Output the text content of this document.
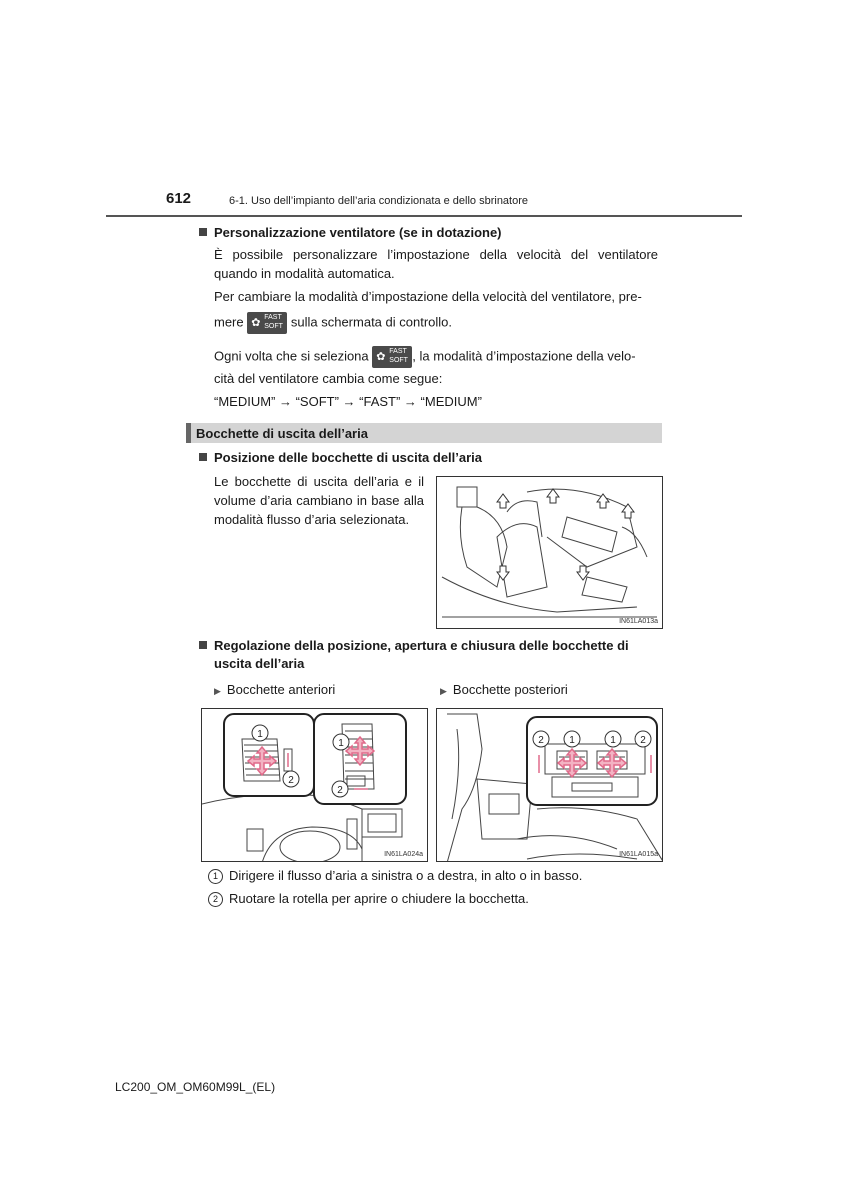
612	6-1. Uso dell’impianto dell’aria condizionata e dello sbrinatore
Personalizzazione ventilatore (se in dotazione)
È possibile personalizzare l’impostazione della velocità del ventilatore quando in modalità automatica.
Per cambiare la modalità d’impostazione della velocità del ventilatore, pre-
mere ✿ FAST
SOFT sulla schermata di controllo.
Ogni volta che si seleziona ✿ FAST
SOFT , la modalità d’impostazione della velo-
cità del ventilatore cambia come segue:
“MEDIUM” → “SOFT” → “FAST” → “MEDIUM”
Bocchette di uscita dell’aria
Posizione delle bocchette di uscita dell’aria
Le bocchette di uscita dell’aria e il volume d’aria cambiano in base alla modalità flusso d’aria selezionata.
IN61LA013a
Regolazione della posizione, apertura e chiusura delle bocchette di
uscita dell’aria
▶ Bocchette anteriori	▶ Bocchette posteriori
1
2
1
2
IN61LA024a
2	1	1 2
IN61LA015a
1 Dirigere il flusso d’aria a sinistra o a destra, in alto o in basso.
2 Ruotare la rotella per aprire o chiudere la bocchetta.
LC200_OM_OM60M99L_(EL)
